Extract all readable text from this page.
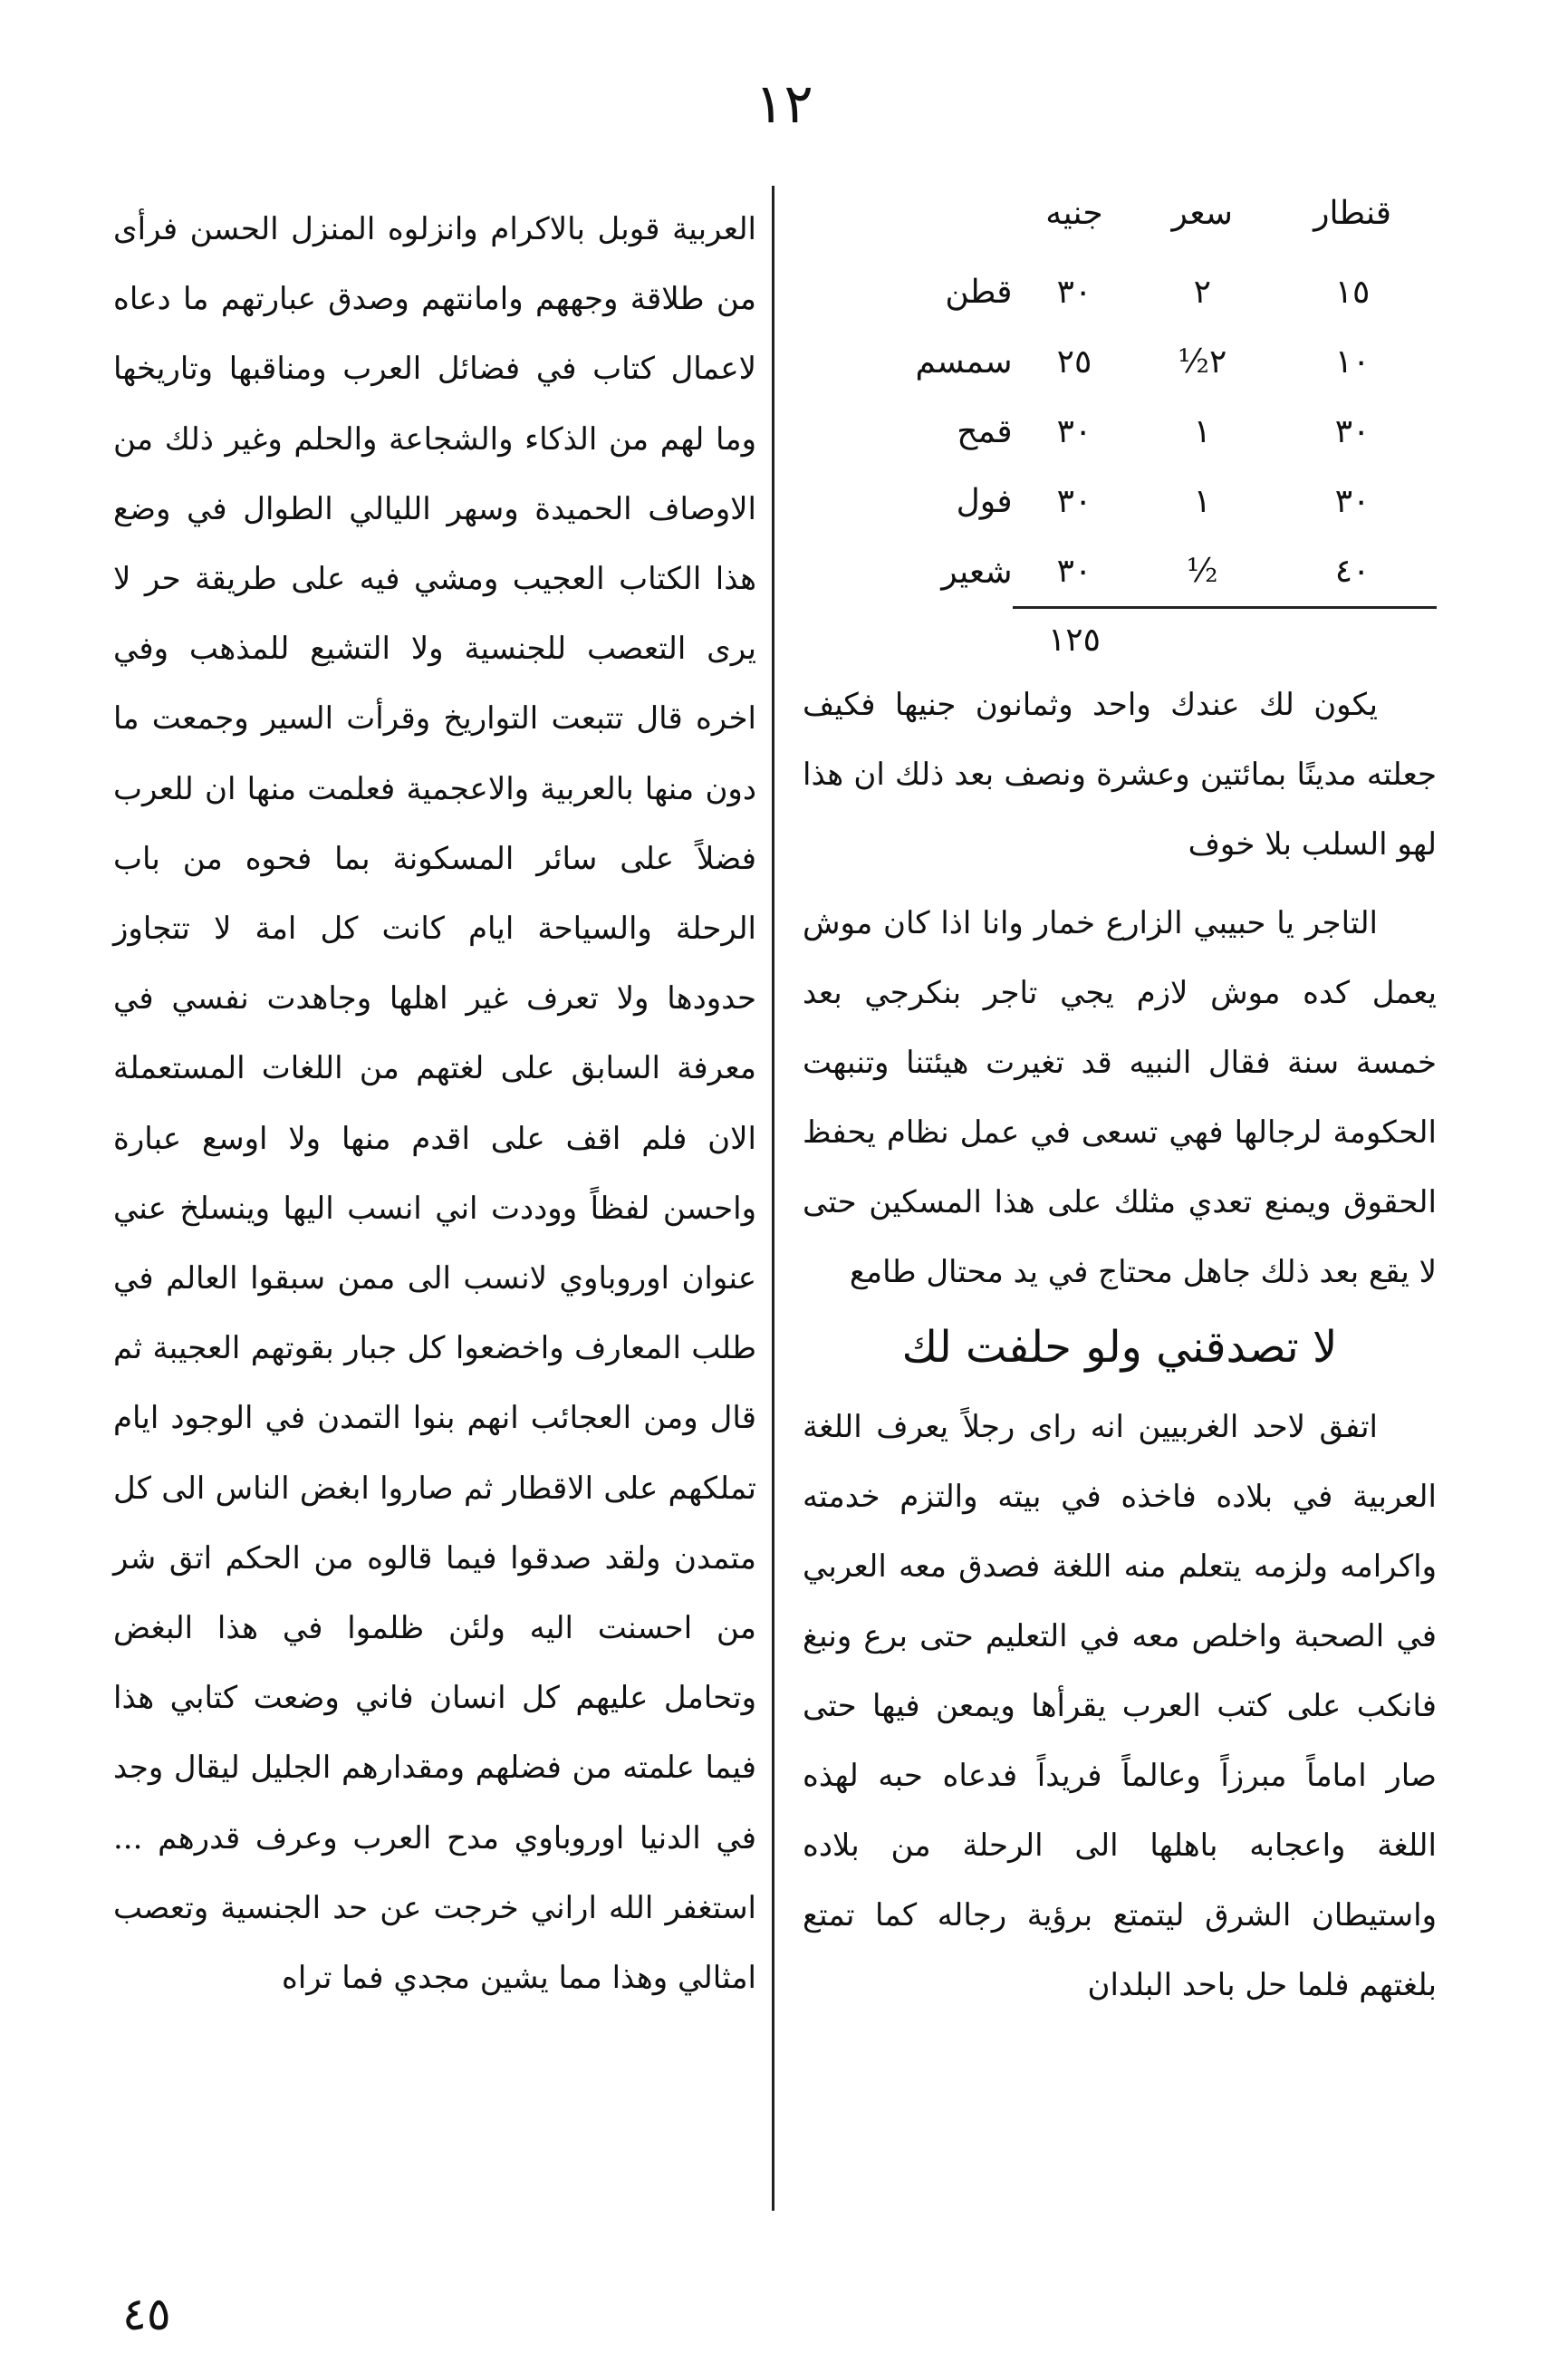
١٢
قنطار	سعر	جنيه	
١٥	٢	٣٠	قطن
١٠	٢½	٢٥	سمسم
٣٠	١	٣٠	قمح
٣٠	١	٣٠	فول
٤٠	½	٣٠	شعير
		١٢٥	

يكون لك عندك واحد وثمانون جنيها فكيف جعلته مدينًا بمائتين وعشرة ونصف بعد ذلك ان هذا لهو السلب بلا خوف

التاجر يا حبيبي الزارع خمار وانا اذا كان موش يعمل كده موش لازم يجي تاجر بنكرجي بعد خمسة سنة فقال النبيه قد تغيرت هيئتنا وتنبهت الحكومة لرجالها فهي تسعى في عمل نظام يحفظ الحقوق ويمنع تعدي مثلك على هذا المسكين حتى لا يقع بعد ذلك جاهل محتاج في يد محتال طامع

لا تصدقني ولو حلفت لك

اتفق لاحد الغربيين انه راى رجلاً يعرف اللغة العربية في بلاده فاخذه في بيته والتزم خدمته واكرامه ولزمه يتعلم منه اللغة فصدق معه العربي في الصحبة واخلص معه في التعليم حتى برع ونبغ فانكب على كتب العرب يقرأها ويمعن فيها حتى صار اماماً مبرزاً وعالماً فريداً فدعاه حبه لهذه اللغة واعجابه باهلها الى الرحلة من بلاده واستيطان الشرق ليتمتع برؤية رجاله كما تمتع بلغتهم فلما حل باحد البلدان

العربية قوبل بالاكرام وانزلوه المنزل الحسن فرأى من طلاقة وجههم وامانتهم وصدق عبارتهم ما دعاه لاعمال كتاب في فضائل العرب ومناقبها وتاريخها وما لهم من الذكاء والشجاعة والحلم وغير ذلك من الاوصاف الحميدة وسهر الليالي الطوال في وضع هذا الكتاب العجيب ومشي فيه على طريقة حر لا يرى التعصب للجنسية ولا التشيع للمذهب وفي اخره قال تتبعت التواريخ وقرأت السير وجمعت ما دون منها بالعربية والاعجمية فعلمت منها ان للعرب فضلاً على سائر المسكونة بما فحوه من باب الرحلة والسياحة ايام كانت كل امة لا تتجاوز حدودها ولا تعرف غير اهلها وجاهدت نفسي في معرفة السابق على لغتهم من اللغات المستعملة الان فلم اقف على اقدم منها ولا اوسع عبارة واحسن لفظاً ووددت اني انسب اليها وينسلخ عني عنوان اوروباوي لانسب الى ممن سبقوا العالم في طلب المعارف واخضعوا كل جبار بقوتهم العجيبة ثم قال ومن العجائب انهم بنوا التمدن في الوجود ايام تملكهم على الاقطار ثم صاروا ابغض الناس الى كل متمدن ولقد صدقوا فيما قالوه من الحكم اتق شر من احسنت اليه ولئن ظلموا في هذا البغض وتحامل عليهم كل انسان فاني وضعت كتابي هذا فيما علمته من فضلهم ومقدارهم الجليل ليقال وجد في الدنيا اوروباوي مدح العرب وعرف قدرهم ... استغفر الله اراني خرجت عن حد الجنسية وتعصب امثالي وهذا مما يشين مجدي فما تراه

٤٥
